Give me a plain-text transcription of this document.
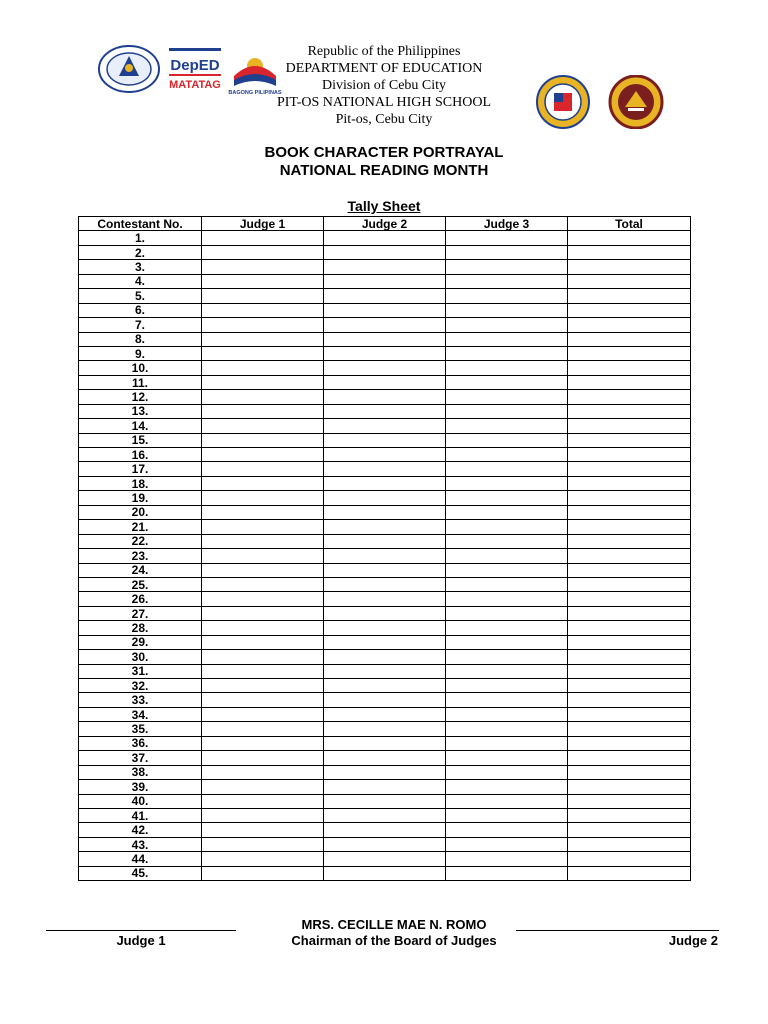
DepED
MATATAG
BAGONG PILIPINAS
Republic of the Philippines
DEPARTMENT OF EDUCATION
Division of Cebu City
PIT-OS NATIONAL HIGH SCHOOL
Pit-os, Cebu City
BOOK CHARACTER PORTRAYAL
NATIONAL READING MONTH
Tally Sheet
Contestant No.	Judge 1	Judge 2	Judge 3	Total
1.				
2.				
3.				
4.				
5.				
6.				
7.				
8.				
9.				
10.				
11.				
12.				
13.				
14.				
15.				
16.				
17.				
18.				
19.				
20.				
21.				
22.				
23.				
24.				
25.				
26.				
27.				
28.				
29.				
30.				
31.				
32.				
33.				
34.				
35.				
36.				
37.				
38.				
39.				
40.				
41.				
42.				
43.				
44.				
45.				
Judge 1
MRS. CECILLE MAE N. ROMO
Chairman of the Board of Judges	Judge 2
